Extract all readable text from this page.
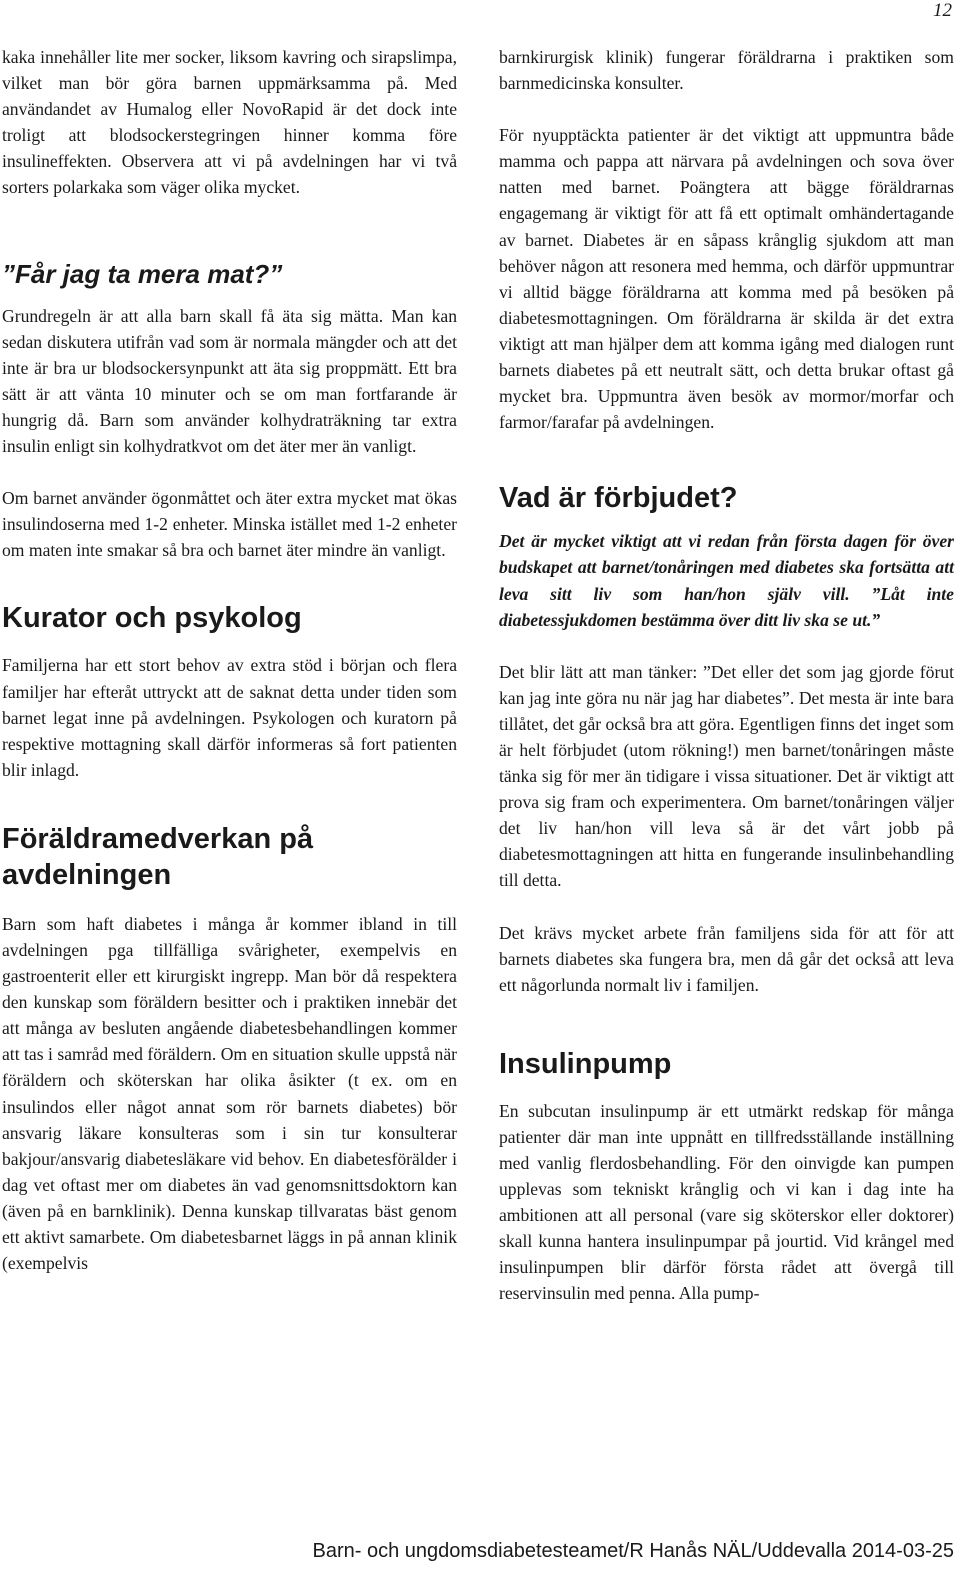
12

kaka innehåller lite mer socker, liksom kavring och sirapslimpa, vilket man bör göra barnen uppmärksamma på. Med användandet av Humalog eller NovoRapid är det dock inte troligt att blodsockerstegringen hinner komma före insulineffekten. Observera att vi på avdelningen har vi två sorters polarkaka som väger olika mycket.

”Får jag ta mera mat?”

Grundregeln är att alla barn skall få äta sig mätta. Man kan sedan diskutera utifrån vad som är normala mängder och att det inte är bra ur blodsockersynpunkt att äta sig proppmätt. Ett bra sätt är att vänta 10 minuter och se om man fortfarande är hungrig då. Barn som använder kolhydraträkning tar extra insulin enligt sin kolhydratkvot om det äter mer än vanligt.

Om barnet använder ögonmåttet och äter extra mycket mat ökas insulindoserna med 1-2 enheter. Minska istället med 1-2 enheter om maten inte smakar så bra och barnet äter mindre än vanligt.

Kurator och psykolog

Familjerna har ett stort behov av extra stöd i början och flera familjer har efteråt uttryckt att de saknat detta under tiden som barnet legat inne på avdelningen. Psykologen och kuratorn på respektive mottagning skall därför informeras så fort patienten blir inlagd.

Föräldramedverkan på avdelningen

Barn som haft diabetes i många år kommer ibland in till avdelningen pga tillfälliga svårigheter, exempelvis en gastroenterit eller ett kirurgiskt ingrepp. Man bör då respektera den kunskap som föräldern besitter och i praktiken innebär det att många av besluten angående diabetesbehandlingen kommer att tas i samråd med föräldern. Om en situation skulle uppstå när föräldern och sköterskan har olika åsikter (t ex. om en insulindos eller något annat som rör barnets diabetes) bör ansvarig läkare konsulteras som i sin tur konsulterar bakjour/ansvarig diabetesläkare vid behov. En diabetesförälder i dag vet oftast mer om diabetes än vad genomsnittsdoktorn kan (även på en barnklinik). Denna kunskap tillvaratas bäst genom ett aktivt samarbete. Om diabetesbarnet läggs in på annan klinik (exempelvis

barnkirurgisk klinik) fungerar föräldrarna i praktiken som barnmedicinska konsulter.

För nyupptäckta patienter är det viktigt att uppmuntra både mamma och pappa att närvara på avdelningen och sova över natten med barnet. Poängtera att bägge föräldrarnas engagemang är viktigt för att få ett optimalt omhändertagande av barnet. Diabetes är en såpass krånglig sjukdom att man behöver någon att resonera med hemma, och därför uppmuntrar vi alltid bägge föräldrarna att komma med på besöken på diabetesmottagningen. Om föräldrarna är skilda är det extra viktigt att man hjälper dem att komma igång med dialogen runt barnets diabetes på ett neutralt sätt, och detta brukar oftast gå mycket bra. Uppmuntra även besök av mormor/morfar och farmor/farafar på avdelningen.

Vad är förbjudet?

Det är mycket viktigt att vi redan från första dagen för över budskapet att barnet/tonåringen med diabetes ska fortsätta att leva sitt liv som han/hon själv vill. ”Låt inte diabetessjukdomen bestämma över ditt liv ska se ut.”

Det blir lätt att man tänker: ”Det eller det som jag gjorde förut kan jag inte göra nu när jag har diabetes”. Det mesta är inte bara tillåtet, det går också bra att göra. Egentligen finns det inget som är helt förbjudet (utom rökning!) men barnet/tonåringen måste tänka sig för mer än tidigare i vissa situationer. Det är viktigt att prova sig fram och experimentera. Om barnet/tonåringen väljer det liv han/hon vill leva så är det vårt jobb på diabetesmottagningen att hitta en fungerande insulinbehandling till detta.

Det krävs mycket arbete från familjens sida för att för att barnets diabetes ska fungera bra, men då går det också att leva ett någorlunda normalt liv i familjen.

Insulinpump

En subcutan insulinpump är ett utmärkt redskap för många patienter där man inte uppnått en tillfredsställande inställning med vanlig flerdosbehandling. För den oinvigde kan pumpen upplevas som tekniskt krånglig och vi kan i dag inte ha ambitionen att all personal (vare sig sköterskor eller doktorer) skall kunna hantera insulinpumpar på jourtid. Vid krångel med insulinpumpen blir därför första rådet att övergå till reservinsulin med penna. Alla pump-

Barn- och ungdomsdiabetesteamet/R Hanås NÄL/Uddevalla 2014-03-25
